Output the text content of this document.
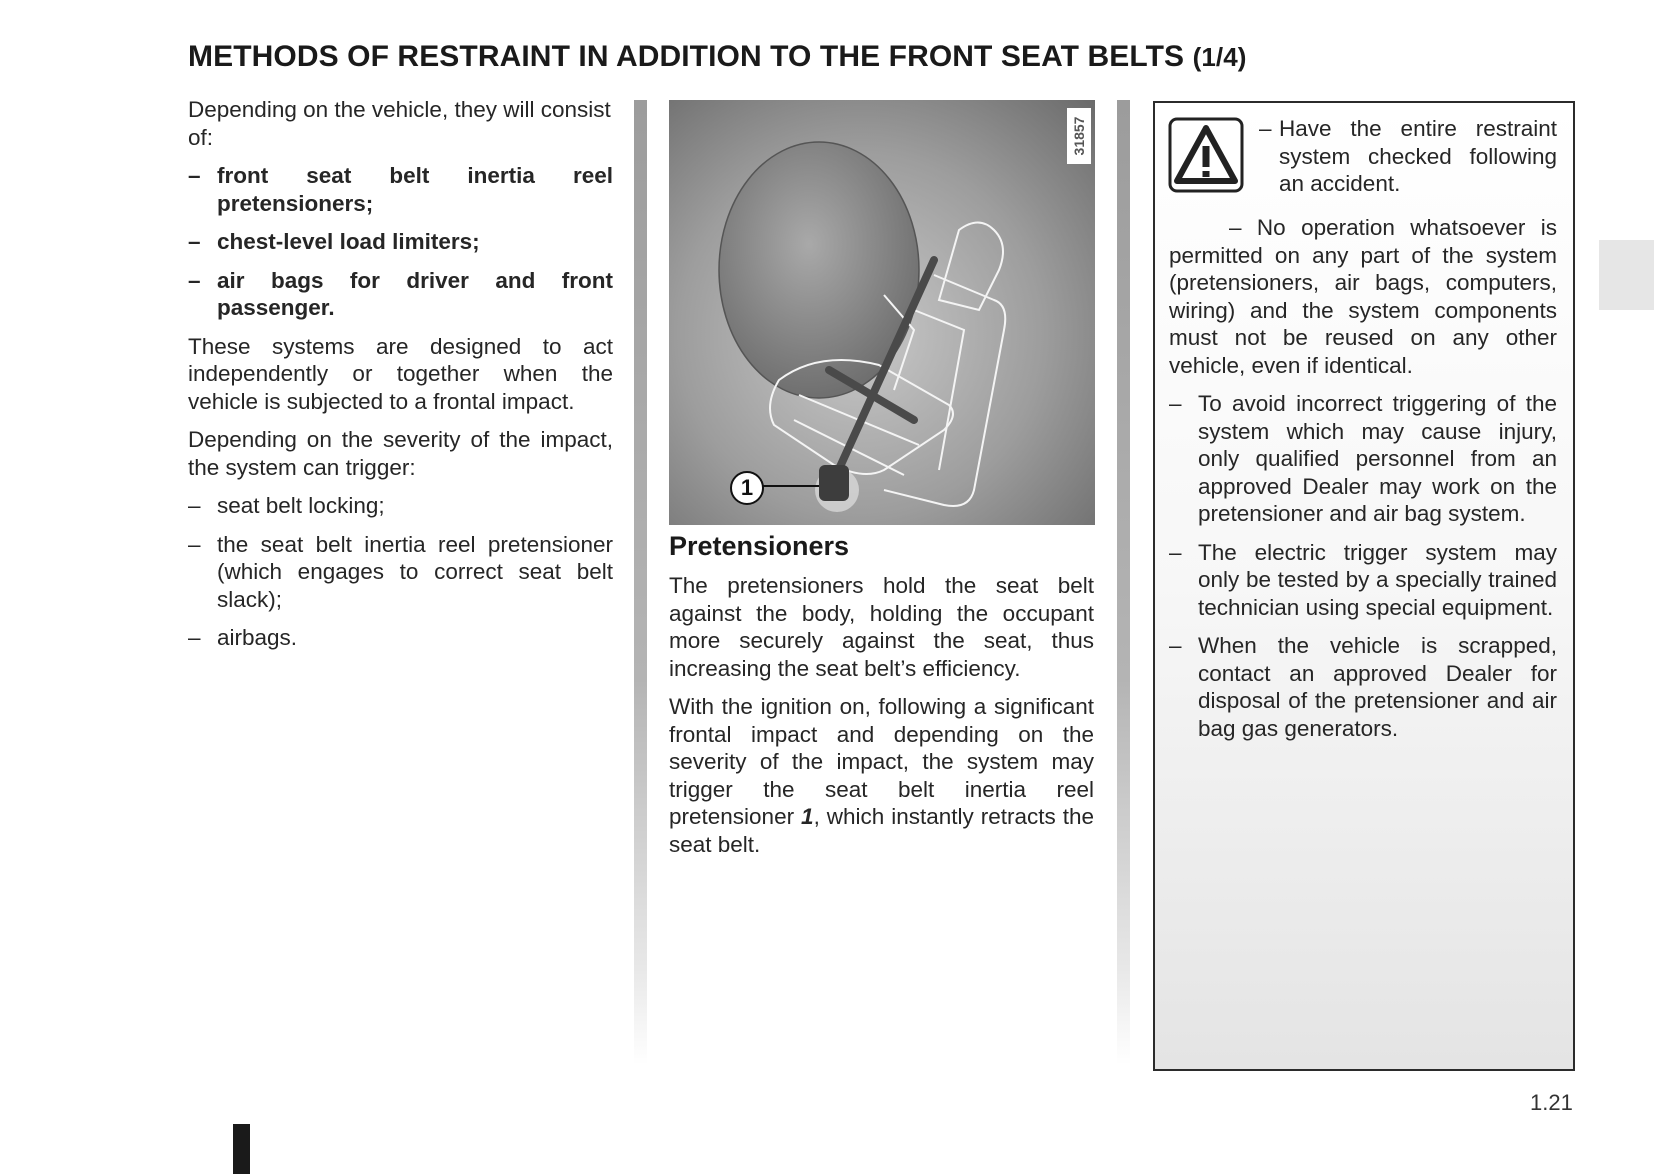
METHODS OF RESTRAINT IN ADDITION TO THE FRONT SEAT BELTS (1/4)

Depending on the vehicle, they will consist of:

– front seat belt inertia reel pretensioners;
– chest-level load limiters;
– air bags for driver and front passenger.

These systems are designed to act independently or together when the vehicle is subjected to a frontal impact.

Depending on the severity of the impact, the system can trigger:

– seat belt locking;
– the seat belt inertia reel pretensioner (which engages to correct seat belt slack);
– airbags.
1
31857
Pretensioners

The pretensioners hold the seat belt against the body, holding the occupant more securely against the seat, thus increasing the seat belt’s efficiency.

With the ignition on, following a significant frontal impact and depending on the severity of the impact, the system may trigger the seat belt inertia reel pretensioner 1, which instantly retracts the seat belt.

– Have the entire restraint system checked following an accident.
– No operation whatsoever is permitted on any part of the system (pretensioners, air bags, computers, wiring) and the system components must not be reused on any other vehicle, even if identical.
– To avoid incorrect triggering of the system which may cause injury, only qualified personnel from an approved Dealer may work on the pretensioner and air bag system.
– The electric trigger system may only be tested by a specially trained technician using special equipment.
– When the vehicle is scrapped, contact an approved Dealer for disposal of the pretensioner and air bag gas generators.
1.21
